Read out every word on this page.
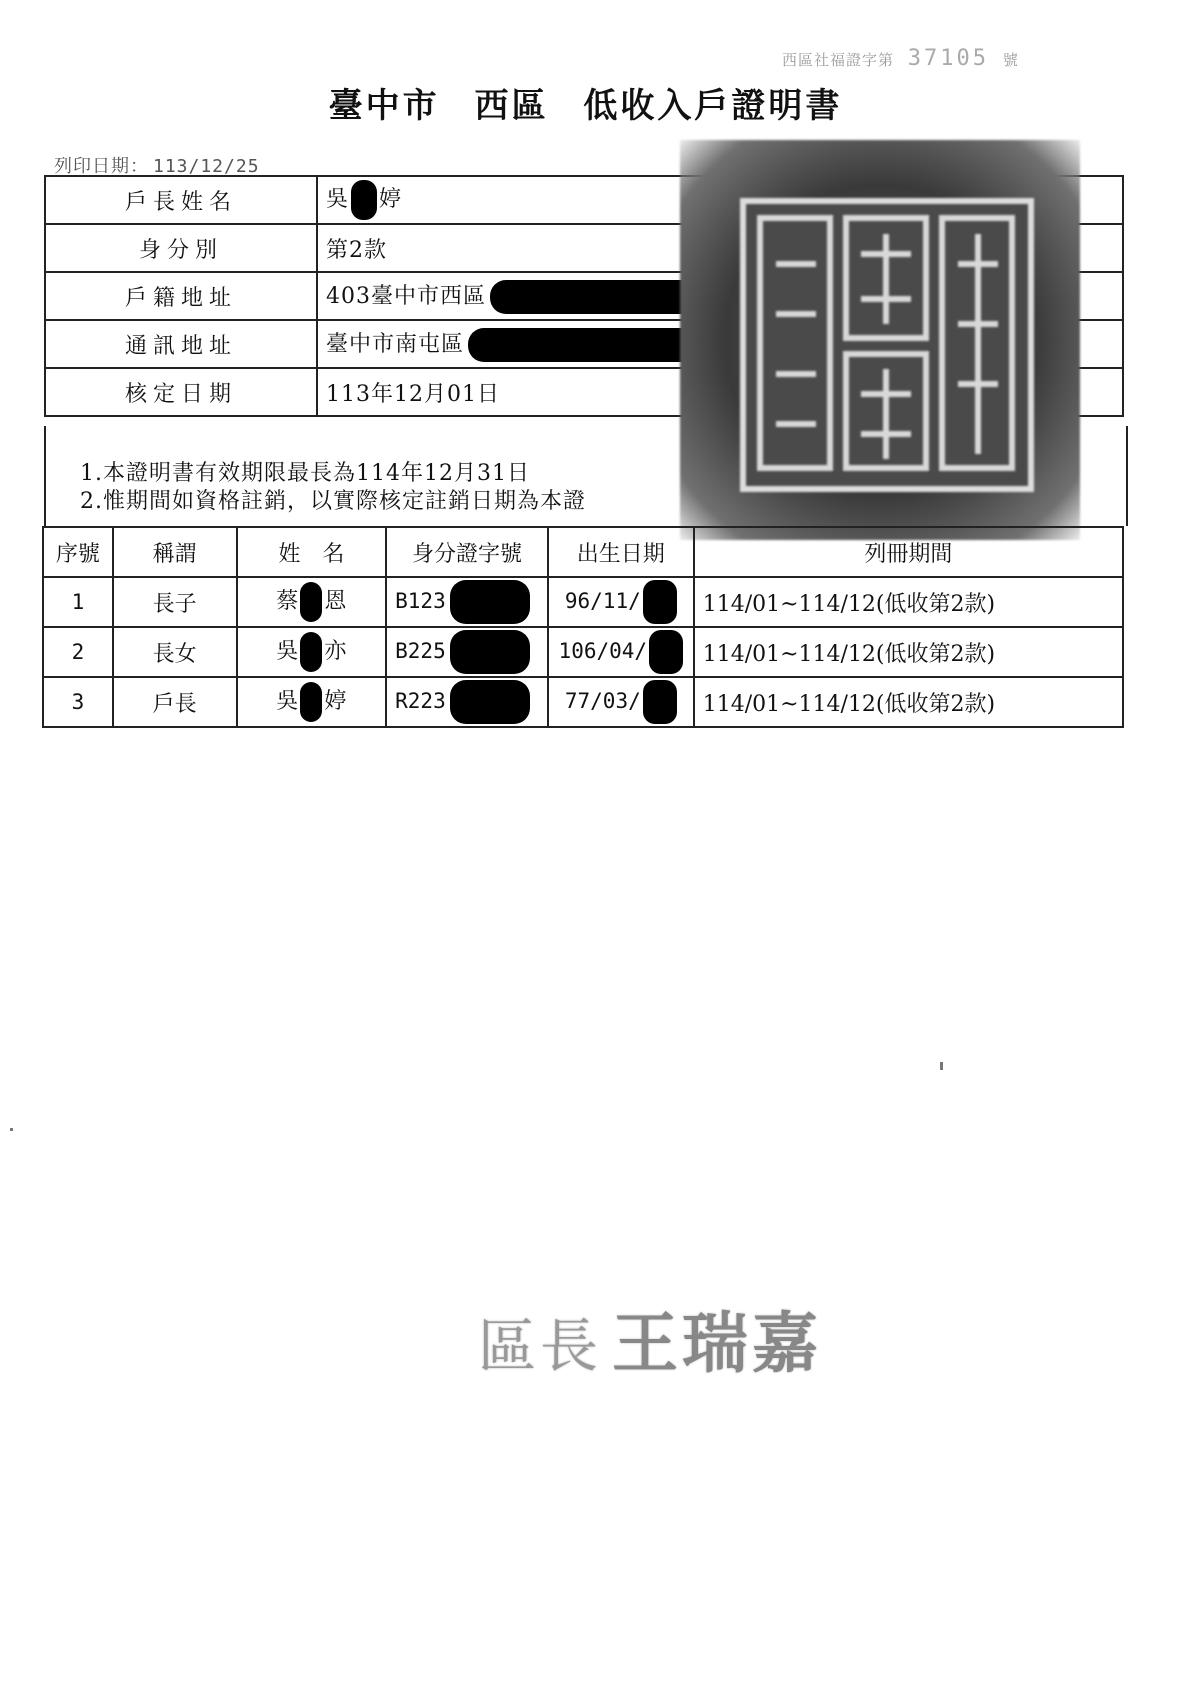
西區社福證字第 37105 號
臺中市 西區 低收入戶證明書
列印日期： 113/12/25
戶長姓名	吳 婷
身分別	第2款
戶籍地址	403臺中市西區
通訊地址	臺中市南屯區
核定日期	113年12月01日
1.本證明書有效期限最長為114年12月31日
2.惟期間如資格註銷，以實際核定註銷日期為本證
序號	稱謂	姓　名	身分證字號	出生日期	列冊期間
1	長子	蔡 恩	B123	96/11/	114/01~114/12(低收第2款)
2	長女	吳 亦	B225	106/04/	114/01~114/12(低收第2款)
3	戶長	吳 婷	R223	77/03/	114/01~114/12(低收第2款)
區長 王瑞嘉
